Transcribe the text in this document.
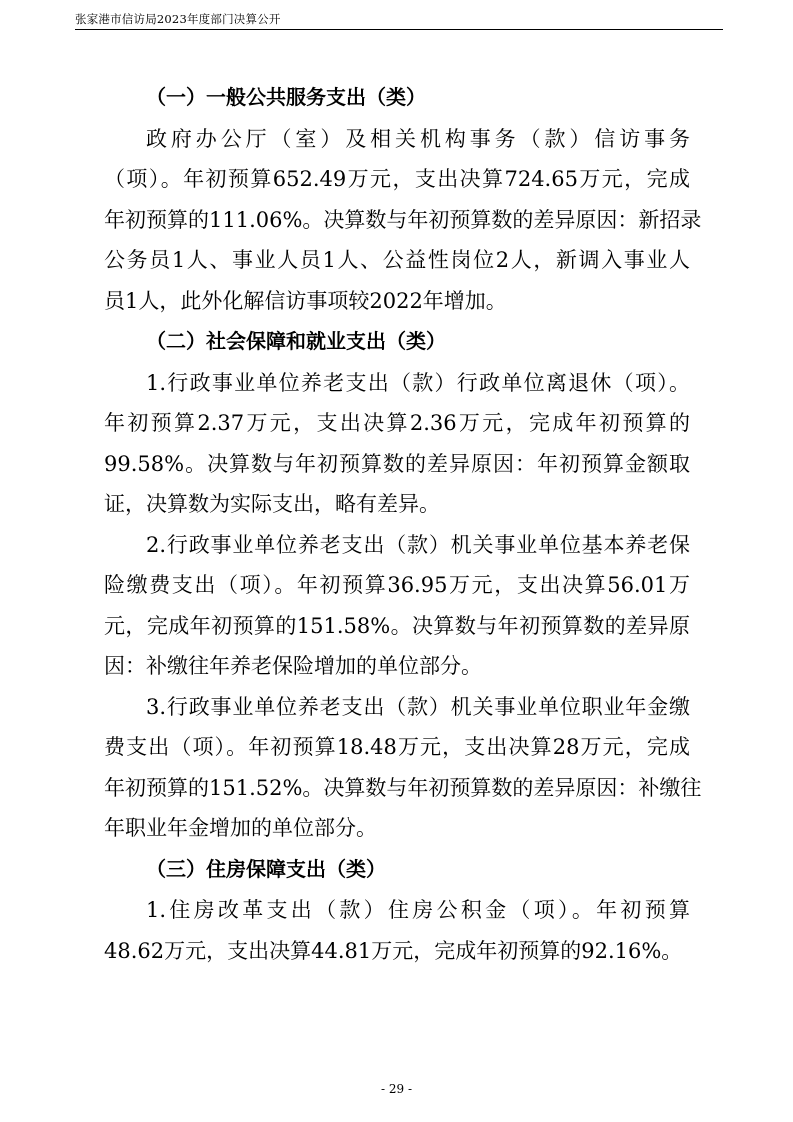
张家港市信访局2023年度部门决算公开
（一）一般公共服务支出（类）
政府办公厅（室）及相关机构事务（款）信访事务
（项）。年初预算652.49万元，支出决算724.65万元，完成
年初预算的111.06%。决算数与年初预算数的差异原因：新招录
公务员1人、事业人员1人、公益性岗位2人，新调入事业人
员1人，此外化解信访事项较2022年增加。
（二）社会保障和就业支出（类）
1.行政事业单位养老支出（款）行政单位离退休（项）。
年初预算2.37万元，支出决算2.36万元，完成年初预算的
99.58%。决算数与年初预算数的差异原因：年初预算金额取
证，决算数为实际支出，略有差异。
2.行政事业单位养老支出（款）机关事业单位基本养老保
险缴费支出（项）。年初预算36.95万元，支出决算56.01万
元，完成年初预算的151.58%。决算数与年初预算数的差异原
因：补缴往年养老保险增加的单位部分。
3.行政事业单位养老支出（款）机关事业单位职业年金缴
费支出（项）。年初预算18.48万元，支出决算28万元，完成
年初预算的151.52%。决算数与年初预算数的差异原因：补缴往
年职业年金增加的单位部分。
（三）住房保障支出（类）
1.住房改革支出（款）住房公积金（项）。年初预算
48.62万元，支出决算44.81万元，完成年初预算的92.16%。
- 29 -
